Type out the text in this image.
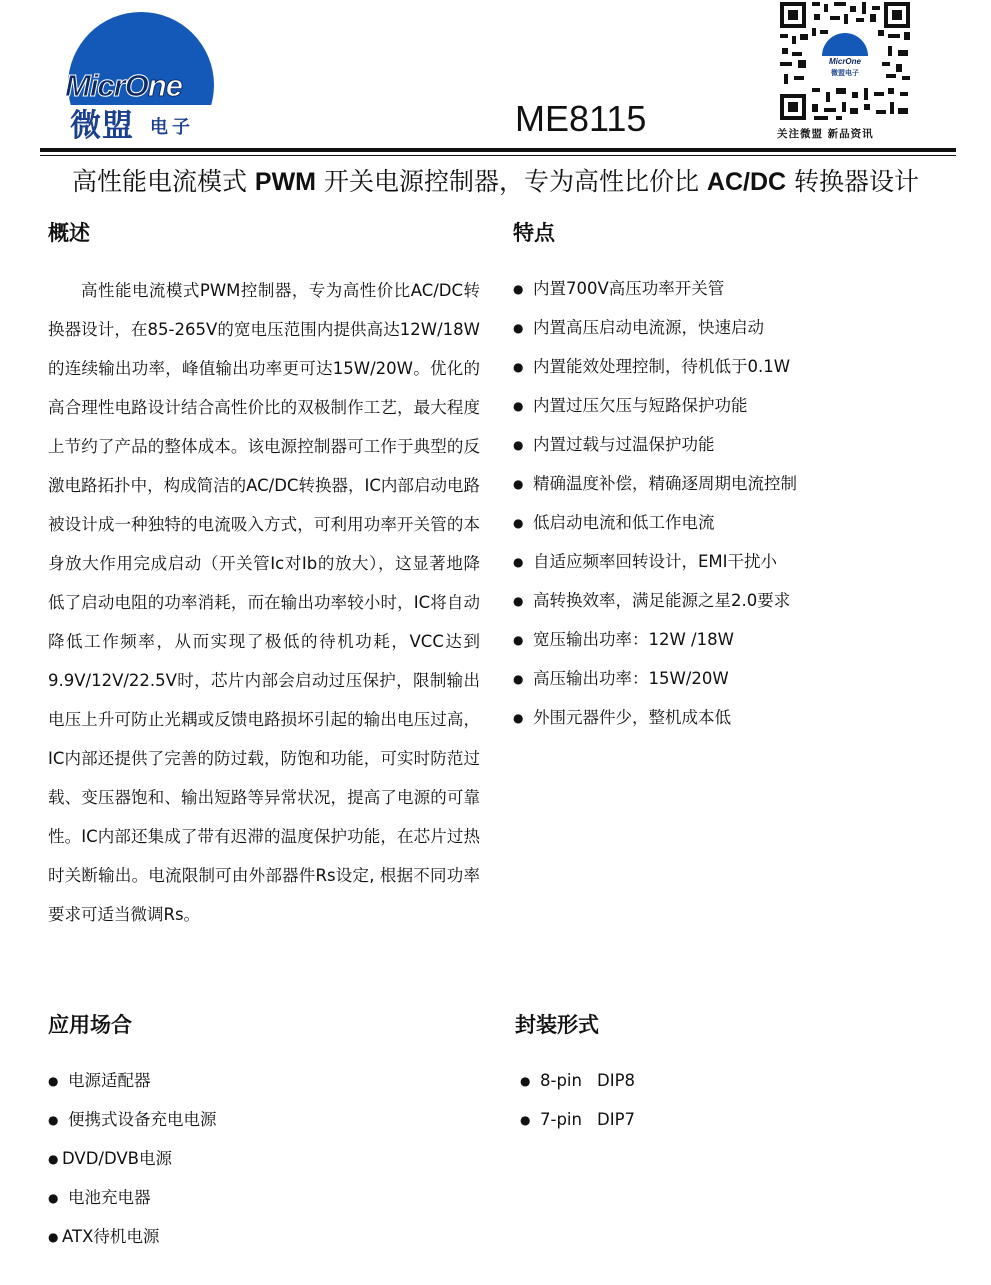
MicrOne
微盟 电子	ME8115
MicrOne
微盟电子
关注微盟 新品资讯
高性能电流模式 PWM 开关电源控制器，专为高性比价比 AC/DC 转换器设计
概述
高性能电流模式PWM控制器，专为高性价比AC/DC转换器设计，在85-265V的宽电压范围内提供高达12W/18W的连续输出功率，峰值输出功率更可达15W/20W。优化的高合理性电路设计结合高性价比的双极制作工艺，最大程度上节约了产品的整体成本。该电源控制器可工作于典型的反激电路拓扑中，构成简洁的AC/DC转换器，IC内部启动电路被设计成一种独特的电流吸入方式，可利用功率开关管的本身放大作用完成启动（开关管Ic对Ib的放大），这显著地降低了启动电阻的功率消耗，而在输出功率较小时，IC将自动降低工作频率，从而实现了极低的待机功耗，VCC达到9.9V/12V/22.5V时，芯片内部会启动过压保护，限制输出电压上升可防止光耦或反馈电路损坏引起的输出电压过高，IC内部还提供了完善的防过载，防饱和功能，可实时防范过载、变压器饱和、输出短路等异常状况，提高了电源的可靠性。IC内部还集成了带有迟滞的温度保护功能，在芯片过热时关断输出。电流限制可由外部器件Rs设定, 根据不同功率要求可适当微调Rs。
特点
● 内置700V高压功率开关管
● 内置高压启动电流源，快速启动
● 内置能效处理控制，待机低于0.1W
● 内置过压欠压与短路保护功能
● 内置过载与过温保护功能
● 精确温度补偿，精确逐周期电流控制
● 低启动电流和低工作电流
● 自适应频率回转设计，EMI干扰小
● 高转换效率，满足能源之星2.0要求
● 宽压输出功率：12W /18W
● 高压输出功率：15W/20W
● 外围元器件少，整机成本低
应用场合
● 电源适配器
● 便携式设备充电电源
● DVD/DVB电源
● 电池充电器
● ATX待机电源
封装形式
● 8-pin DIP8
● 7-pin DIP7
